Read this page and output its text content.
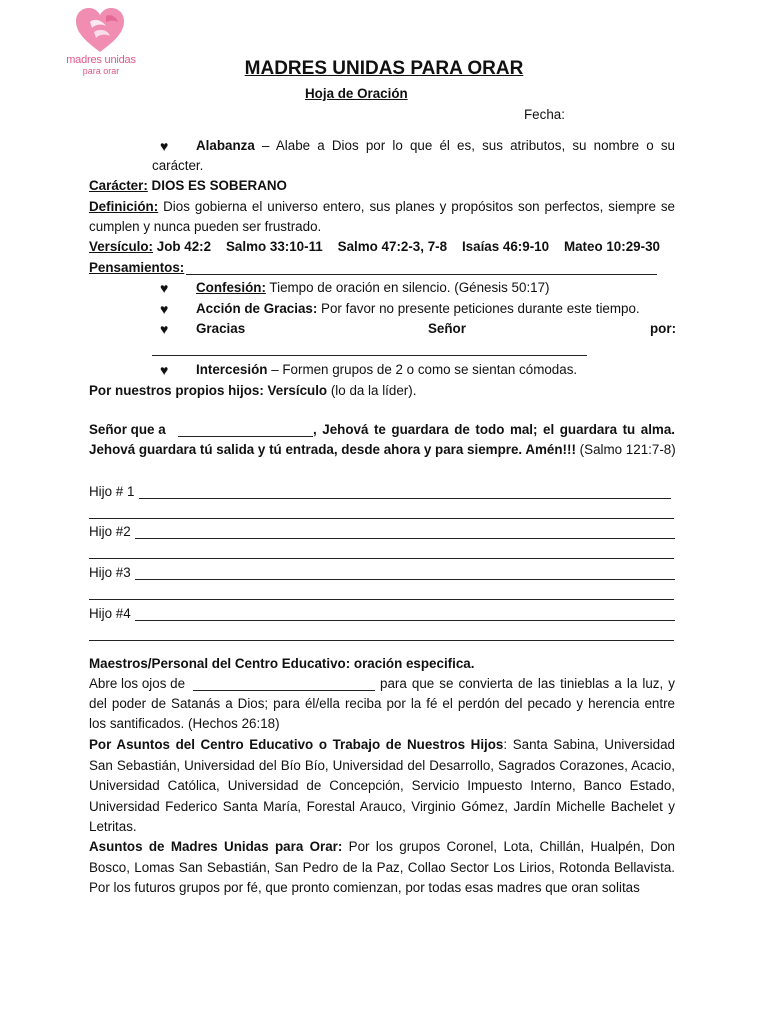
madres unidas
para orar	MADRES UNIDAS PARA ORAR
Hoja de Oración
Fecha:
♥ Alabanza – Alabe a Dios por lo que él es, sus atributos, su nombre o su
carácter.
Carácter: DIOS ES SOBERANO
Definición: Dios gobierna el universo entero, sus planes y propósitos son perfectos, siempre se
cumplen y nunca pueden ser frustrado.
Versículo: Job 42:2 Salmo 33:10-11 Salmo 47:2-3, 7-8 Isaías 46:9-10 Mateo 10:29-30
Pensamientos:
♥ Confesión: Tiempo de oración en silencio. (Génesis 50:17)
♥ Acción de Gracias: Por favor no presente peticiones durante este tiempo.
♥ Gracias	Señor	por:
♥ Intercesión – Formen grupos de 2 o como se sientan cómodas.
Por nuestros propios hijos: Versículo (lo da la líder).
Señor que a	, Jehová te guardara de todo mal; el guardara tu alma.
Jehová guardara tú salida y tú entrada, desde ahora y para siempre. Amén!!! (Salmo 121:7-8)
Hijo # 1
Hijo #2
Hijo #3
Hijo #4
Maestros/Personal del Centro Educativo: oración especifica.
Abre los ojos de	para que se convierta de las tinieblas a la luz, y
del poder de Satanás a Dios; para él/ella reciba por la fé el perdón del pecado y herencia entre
los santificados. (Hechos 26:18)
Por Asuntos del Centro Educativo o Trabajo de Nuestros Hijos: Santa Sabina, Universidad San Sebastián, Universidad del Bío Bío, Universidad del Desarrollo, Sagrados Corazones, Acacio, Universidad Católica, Universidad de Concepción, Servicio Impuesto Interno, Banco Estado, Universidad Federico Santa María, Forestal Arauco, Virginio Gómez, Jardín Michelle Bachelet y Letritas.
Asuntos de Madres Unidas para Orar: Por los grupos Coronel, Lota, Chillán, Hualpén, Don Bosco, Lomas San Sebastián, San Pedro de la Paz, Collao Sector Los Lirios, Rotonda Bellavista. Por los futuros grupos por fé, que pronto comienzan, por todas esas madres que oran solitas
